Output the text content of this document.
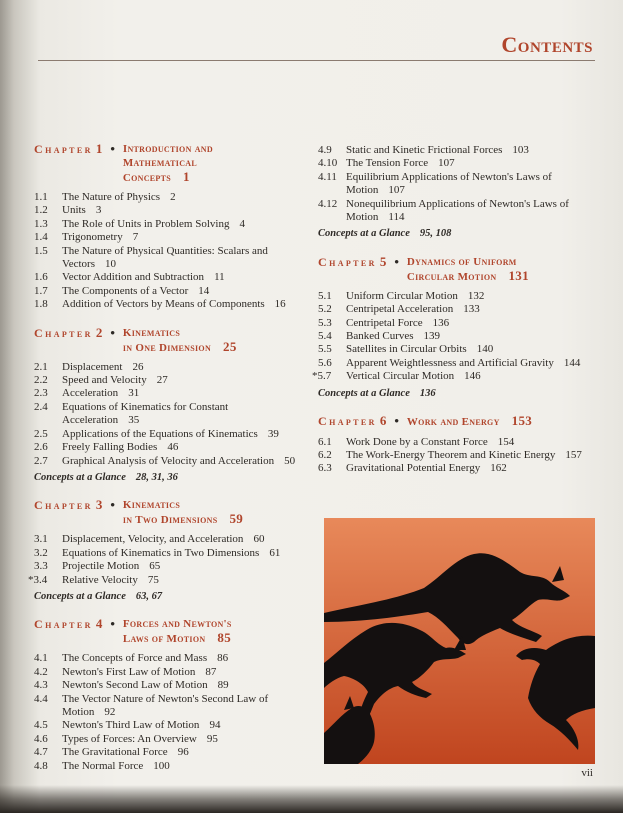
Contents
Chapter 1 • Introduction and
Mathematical
Concepts 1
1.1	The Nature of Physics 2
1.2	Units 3
1.3	The Role of Units in Problem Solving 4
1.4	Trigonometry 7
1.5	The Nature of Physical Quantities: Scalars and Vectors 10
1.6	Vector Addition and Subtraction 11
1.7	The Components of a Vector 14
1.8	Addition of Vectors by Means of Components 16
Chapter 2 • Kinematics
in One Dimension 25
2.1	Displacement 26
2.2	Speed and Velocity 27
2.3	Acceleration 31
2.4	Equations of Kinematics for Constant Acceleration 35
2.5	Applications of the Equations of Kinematics 39
2.6	Freely Falling Bodies 46
2.7	Graphical Analysis of Velocity and Acceleration 50
Concepts at a Glance 28, 31, 36
Chapter 3 • Kinematics
in Two Dimensions 59
3.1	Displacement, Velocity, and Acceleration 60
3.2	Equations of Kinematics in Two Dimensions 61
3.3	Projectile Motion 65
*3.4	Relative Velocity 75
Concepts at a Glance 63, 67
Chapter 4 • Forces and Newton's
Laws of Motion 85
4.1	The Concepts of Force and Mass 86
4.2	Newton's First Law of Motion 87
4.3	Newton's Second Law of Motion 89
4.4	The Vector Nature of Newton's Second Law of Motion 92
4.5	Newton's Third Law of Motion 94
4.6	Types of Forces: An Overview 95
4.7	The Gravitational Force 96
4.8	The Normal Force 100
4.9	Static and Kinetic Frictional Forces 103
4.10 The Tension Force 107
4.11 Equilibrium Applications of Newton's Laws of Motion 107
4.12 Nonequilibrium Applications of Newton's Laws of Motion 114
Concepts at a Glance 95, 108
Chapter 5 • Dynamics of Uniform
Circular Motion 131
5.1	Uniform Circular Motion 132
5.2	Centripetal Acceleration 133
5.3	Centripetal Force 136
5.4	Banked Curves 139
5.5	Satellites in Circular Orbits 140
5.6	Apparent Weightlessness and Artificial Gravity 144
*5.7	Vertical Circular Motion 146
Concepts at a Glance 136
Chapter 6 • Work and Energy 153
6.1	Work Done by a Constant Force 154
6.2	The Work-Energy Theorem and Kinetic Energy 157
6.3	Gravitational Potential Energy 162
vii
